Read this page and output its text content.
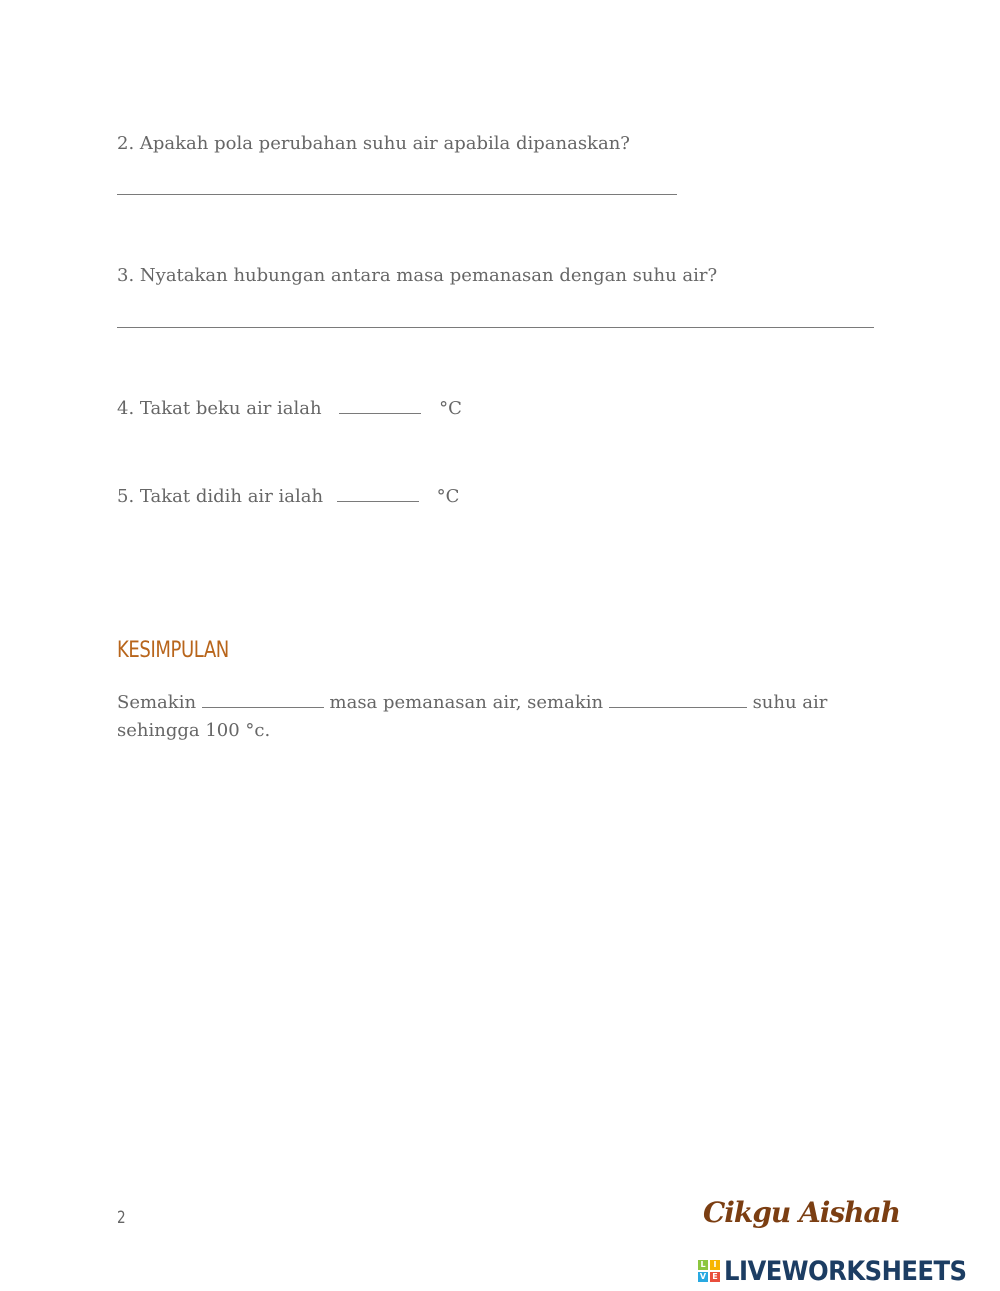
2. Apakah pola perubahan suhu air apabila dipanaskan?
3. Nyatakan hubungan antara masa pemanasan dengan suhu air?
4. Takat beku air ialah	°C
5. Takat didih air ialah	°C
KESIMPULAN
Semakin	masa pemanasan air, semakin	suhu air sehingga 100 °c.
2	Cikgu Aishah
L I
V E LIVEWORKSHEETS
